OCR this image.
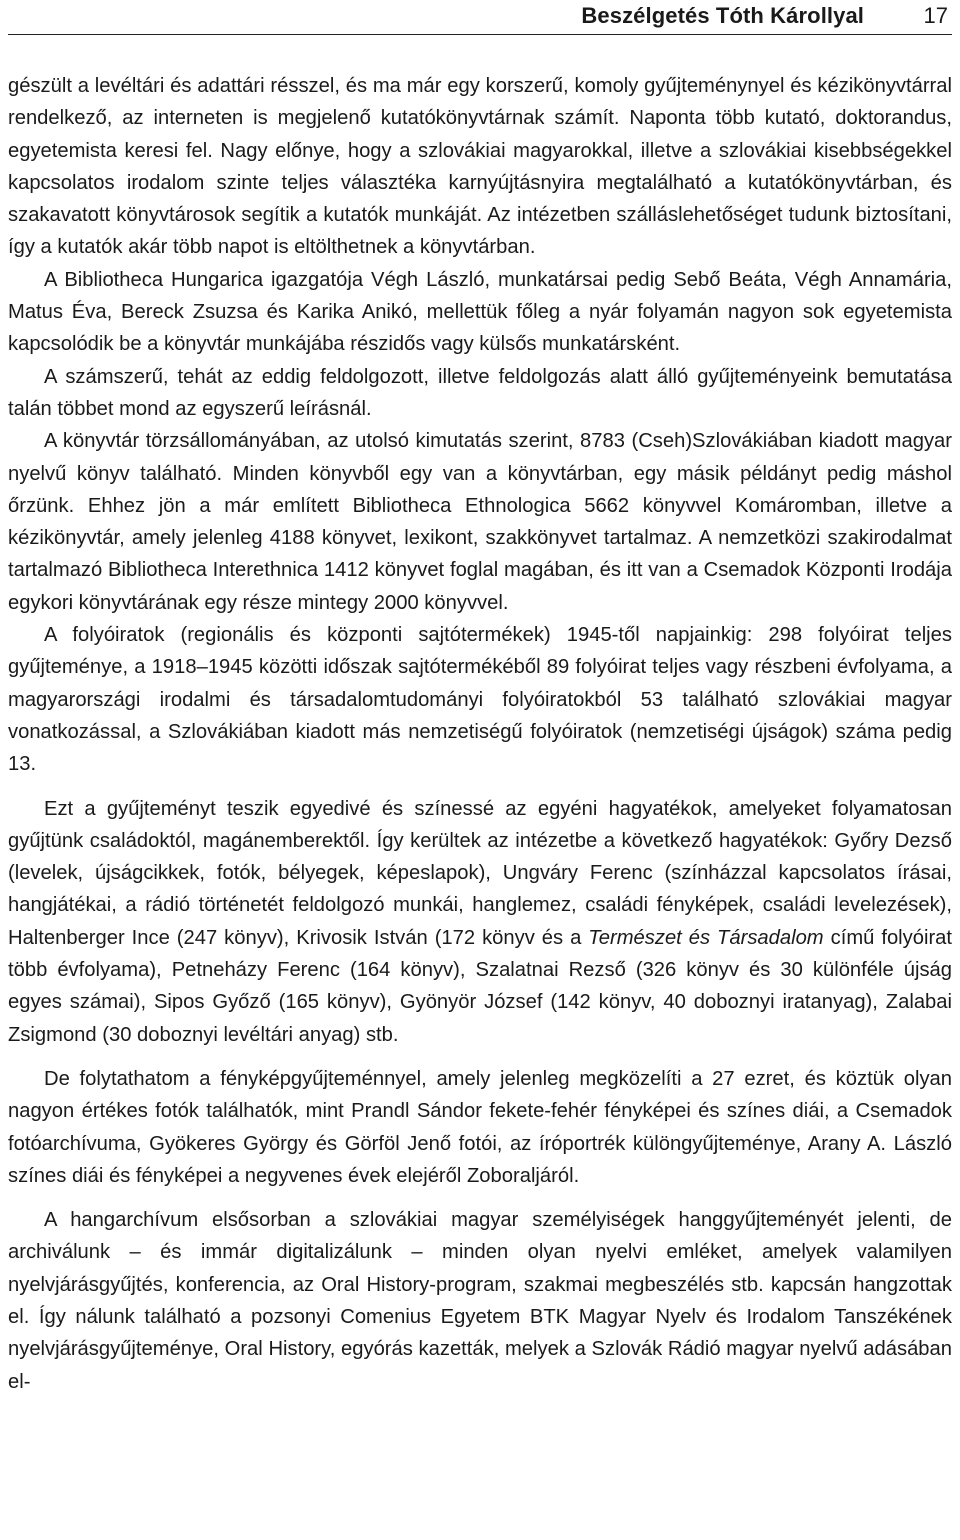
Beszélgetés Tóth Károllyal	17

gészült a levéltári és adattári résszel, és ma már egy korszerű, komoly gyűjteménynyel és kézikönyvtárral rendelkező, az interneten is megjelenő kutatókönyvtárnak számít. Naponta több kutató, doktorandus, egyetemista keresi fel. Nagy előnye, hogy a szlovákiai magyarokkal, illetve a szlovákiai kisebbségekkel kapcsolatos irodalom szinte teljes választéka karnyújtásnyira megtalálható a kutatókönyvtárban, és szakavatott könyvtárosok segítik a kutatók munkáját. Az intézetben szálláslehetőséget tudunk biztosítani, így a kutatók akár több napot is eltölthetnek a könyvtárban.

A Bibliotheca Hungarica igazgatója Végh László, munkatársai pedig Sebő Beáta, Végh Annamária, Matus Éva, Bereck Zsuzsa és Karika Anikó, mellettük főleg a nyár folyamán nagyon sok egyetemista kapcsolódik be a könyvtár munkájába részidős vagy külsős munkatársként.

A számszerű, tehát az eddig feldolgozott, illetve feldolgozás alatt álló gyűjteményeink bemutatása talán többet mond az egyszerű leírásnál.

A könyvtár törzsállományában, az utolsó kimutatás szerint, 8783 (Cseh)Szlovákiában kiadott magyar nyelvű könyv található. Minden könyvből egy van a könyvtárban, egy másik példányt pedig máshol őrzünk. Ehhez jön a már említett Bibliotheca Ethnologica 5662 könyvvel Komáromban, illetve a kézikönyvtár, amely jelenleg 4188 könyvet, lexikont, szakkönyvet tartalmaz. A nemzetközi szakirodalmat tartalmazó Bibliotheca Interethnica 1412 könyvet foglal magában, és itt van a Csemadok Központi Irodája egykori könyvtárának egy része mintegy 2000 könyvvel.

A folyóiratok (regionális és központi sajtótermékek) 1945-től napjainkig: 298 folyóirat teljes gyűjteménye, a 1918–1945 közötti időszak sajtótermékéből 89 folyóirat teljes vagy részbeni évfolyama, a magyarországi irodalmi és társadalomtudományi folyóiratokból 53 található szlovákiai magyar vonatkozással, a Szlovákiában kiadott más nemzetiségű folyóiratok (nemzetiségi újságok) száma pedig 13.

Ezt a gyűjteményt teszik egyedivé és színessé az egyéni hagyatékok, amelyeket folyamatosan gyűjtünk családoktól, magánemberektől. Így kerültek az intézetbe a következő hagyatékok: Győry Dezső (levelek, újságcikkek, fotók, bélyegek, képeslapok), Ungváry Ferenc (színházzal kapcsolatos írásai, hangjátékai, a rádió történetét feldolgozó munkái, hanglemez, családi fényképek, családi levelezések), Haltenberger Ince (247 könyv), Krivosik István (172 könyv és a Természet és Társadalom című folyóirat több évfolyama), Petneházy Ferenc (164 könyv), Szalatnai Rezső (326 könyv és 30 különféle újság egyes számai), Sipos Győző (165 könyv), Gyönyör József (142 könyv, 40 doboznyi iratanyag), Zalabai Zsigmond (30 doboznyi levéltári anyag) stb.

De folytathatom a fényképgyűjteménnyel, amely jelenleg megközelíti a 27 ezret, és köztük olyan nagyon értékes fotók találhatók, mint Prandl Sándor fekete-fehér fényképei és színes diái, a Csemadok fotóarchívuma, Gyökeres György és Görföl Jenő fotói, az íróportrék különgyűjteménye, Arany A. László színes diái és fényképei a negyvenes évek elejéről Zoboraljáról.

A hangarchívum elsősorban a szlovákiai magyar személyiségek hanggyűjteményét jelenti, de archiválunk – és immár digitalizálunk – minden olyan nyelvi emléket, amelyek valamilyen nyelvjárásgyűjtés, konferencia, az Oral History-program, szakmai megbeszélés stb. kapcsán hangzottak el. Így nálunk található a pozsonyi Comenius Egyetem BTK Magyar Nyelv és Irodalom Tanszékének nyelvjárásgyűjteménye, Oral History, egyórás kazetták, melyek a Szlovák Rádió magyar nyelvű adásában el-
